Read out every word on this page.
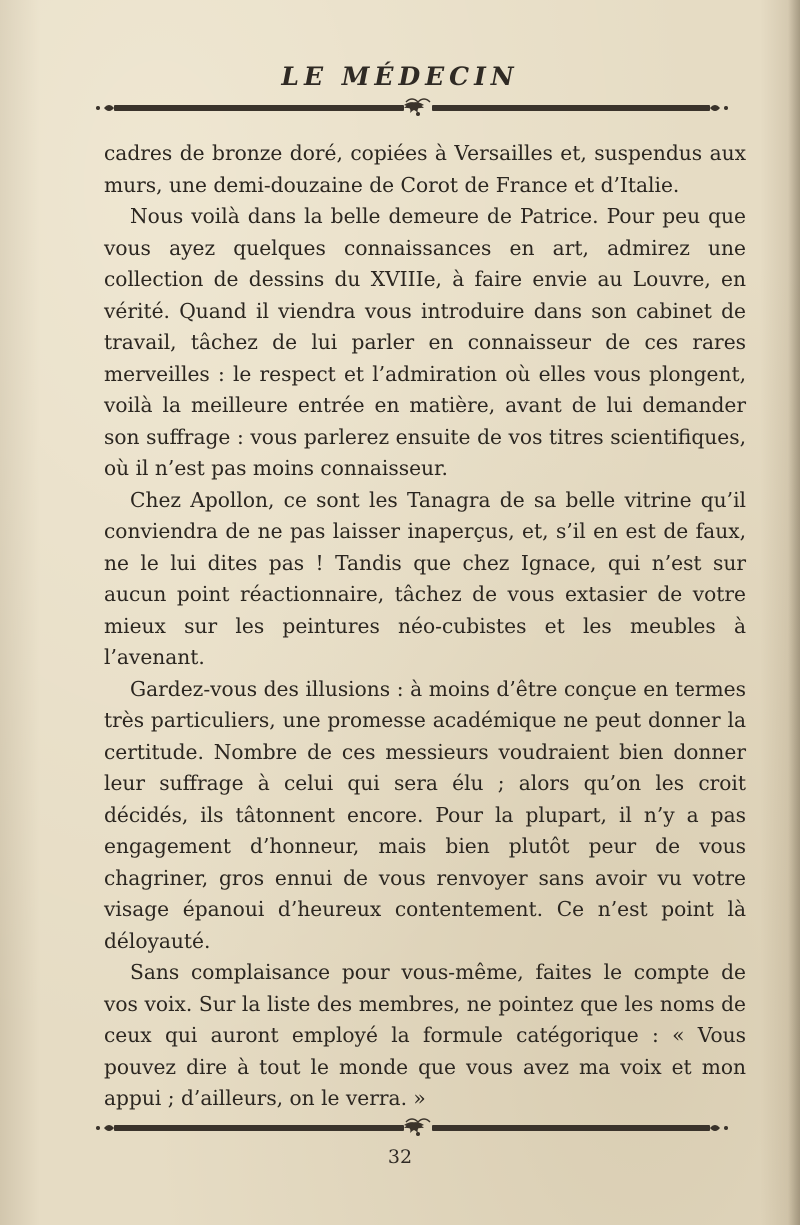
LE MÉDECIN

cadres de bronze doré, copiées à Versailles et, suspendus aux murs, une demi-douzaine de Corot de France et d’Italie.

Nous voilà dans la belle demeure de Patrice. Pour peu que vous ayez quelques connaissances en art, admirez une collection de dessins du XVIIIe, à faire envie au Louvre, en vérité. Quand il viendra vous introduire dans son cabinet de travail, tâchez de lui parler en connaisseur de ces rares merveilles : le respect et l’admiration où elles vous plongent, voilà la meilleure entrée en matière, avant de lui demander son suffrage : vous parlerez ensuite de vos titres scientifiques, où il n’est pas moins connaisseur.

Chez Apollon, ce sont les Tanagra de sa belle vitrine qu’il conviendra de ne pas laisser inaperçus, et, s’il en est de faux, ne le lui dites pas ! Tandis que chez Ignace, qui n’est sur aucun point réactionnaire, tâchez de vous extasier de votre mieux sur les peintures néo-cubistes et les meubles à l’avenant.

Gardez-vous des illusions : à moins d’être conçue en termes très particuliers, une promesse académique ne peut donner la certitude. Nombre de ces messieurs voudraient bien donner leur suffrage à celui qui sera élu ; alors qu’on les croit décidés, ils tâtonnent encore. Pour la plupart, il n’y a pas engagement d’honneur, mais bien plutôt peur de vous chagriner, gros ennui de vous renvoyer sans avoir vu votre visage épanoui d’heureux contentement. Ce n’est point là déloyauté.

Sans complaisance pour vous-même, faites le compte de vos voix. Sur la liste des membres, ne pointez que les noms de ceux qui auront employé la formule catégorique : « Vous pouvez dire à tout le monde que vous avez ma voix et mon appui ; d’ailleurs, on le verra. »

32
